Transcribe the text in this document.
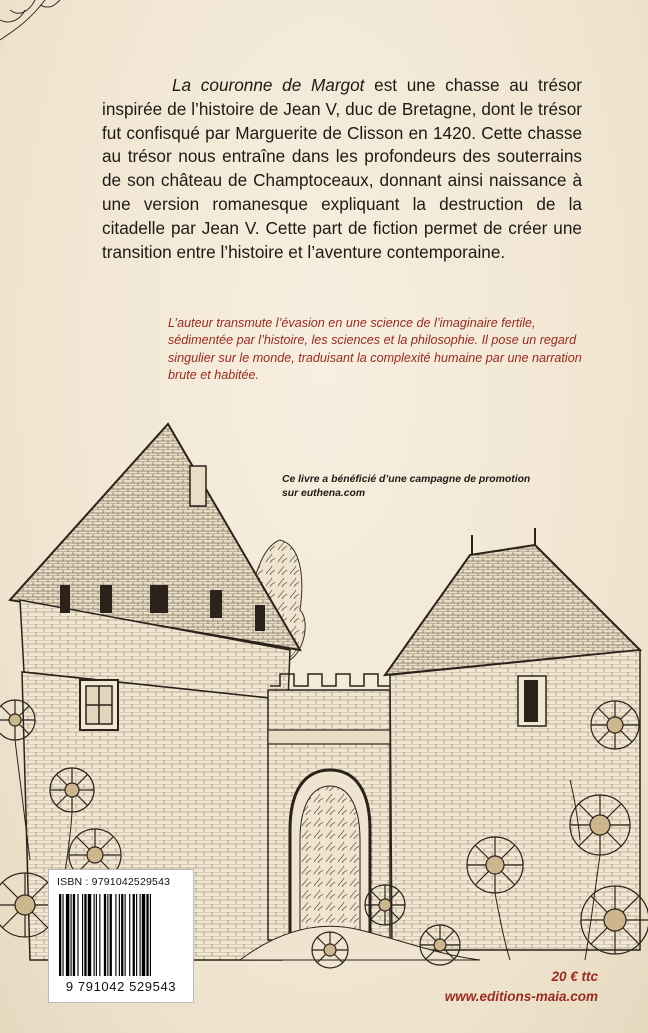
La couronne de Margot est une chasse au trésor inspirée de l’histoire de Jean V, duc de Bretagne, dont le trésor fut confisqué par Marguerite de Clisson en 1420. Cette chasse au trésor nous entraîne dans les profondeurs des souterrains de son château de Champtoceaux, donnant ainsi naissance à une version romanesque expliquant la destruction de la citadelle par Jean V. Cette part de fiction permet de créer une transition entre l’histoire et l’aventure contemporaine.

L’auteur transmute l’évasion en une science de l’imaginaire fertile, sédimentée par l’histoire, les sciences et la philosophie. Il pose un regard singulier sur le monde, traduisant la complexité humaine par une narration brute et habitée.

Ce livre a bénéficié d’une campagne de promotion
sur euthena.com

ISBN : 9791042529543
9 791042 529543
20 € ttc
www.editions-maia.com
